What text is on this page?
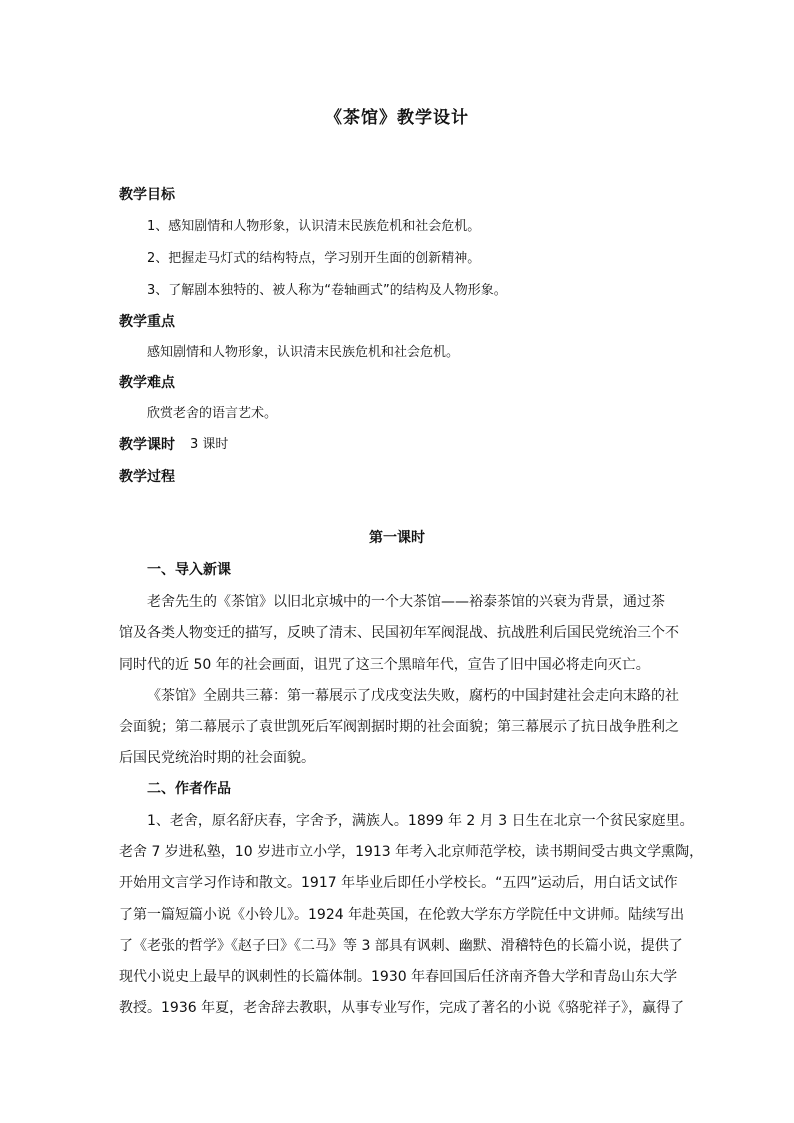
《茶馆》教学设计
教学目标
1、感知剧情和人物形象，认识清末民族危机和社会危机。
2、把握走马灯式的结构特点，学习别开生面的创新精神。
3、了解剧本独特的、被人称为“卷轴画式”的结构及人物形象。
教学重点
感知剧情和人物形象，认识清末民族危机和社会危机。
教学难点
欣赏老舍的语言艺术。
教学课时 3 课时
教学过程
第一课时
一、导入新课
老舍先生的《茶馆》以旧北京城中的一个大茶馆——裕泰茶馆的兴衰为背景，通过茶
馆及各类人物变迁的描写，反映了清末、民国初年军阀混战、抗战胜利后国民党统治三个不
同时代的近 50 年的社会画面，诅咒了这三个黑暗年代，宣告了旧中国必将走向灭亡。
《茶馆》全剧共三幕：第一幕展示了戊戌变法失败，腐朽的中国封建社会走向末路的社
会面貌；第二幕展示了袁世凯死后军阀割据时期的社会面貌；第三幕展示了抗日战争胜利之
后国民党统治时期的社会面貌。
二、作者作品
1、老舍，原名舒庆春，字舍予，满族人。1899 年 2 月 3 日生在北京一个贫民家庭里。
老舍 7 岁进私塾，10 岁进市立小学，1913 年考入北京师范学校，读书期间受古典文学熏陶，
开始用文言学习作诗和散文。1917 年毕业后即任小学校长。“五四”运动后，用白话文试作
了第一篇短篇小说《小铃儿》。1924 年赴英国，在伦敦大学东方学院任中文讲师。陆续写出
了《老张的哲学》《赵子曰》《二马》等 3 部具有讽刺、幽默、滑稽特色的长篇小说，提供了
现代小说史上最早的讽刺性的长篇体制。1930 年春回国后任济南齐鲁大学和青岛山东大学
教授。1936 年夏，老舍辞去教职，从事专业写作，完成了著名的小说《骆驼祥子》，赢得了
